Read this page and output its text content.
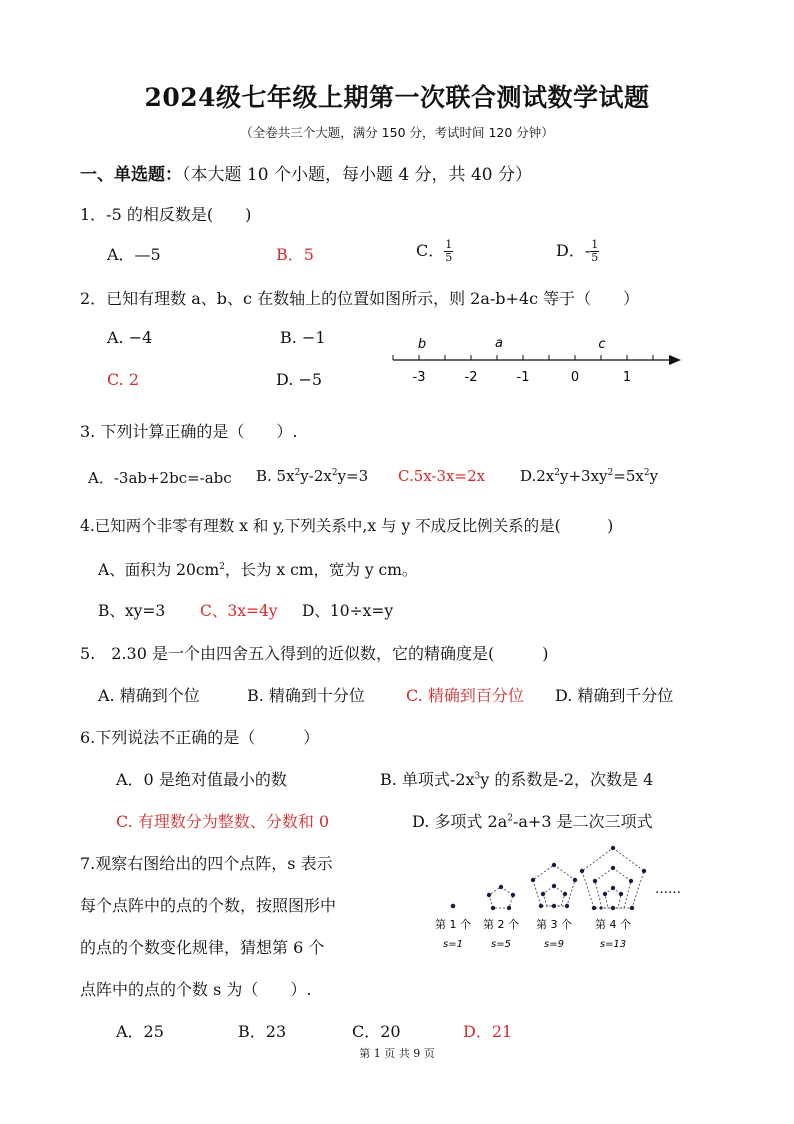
2024级七年级上期第一次联合测试数学试题
（全卷共三个大题，满分 150 分，考试时间 120 分钟）
一、单选题：（本大题 10 个小题，每小题 4 分，共 40 分）
1．-5 的相反数是(　　)
A．—5	B．5	C． $\frac{1}{5}$	D．- $\frac{1}{5}$
2．已知有理数 a、b、c 在数轴上的位置如图所示，则 2a-b+4c 等于（　　）
A. −4	B. −1
C. 2	D. −5
b	a	c
-3	-2	-1	0	1
3. 下列计算正确的是（　　）.
A．-3ab+2bc=-abc B. $5x^2y-2x^2y=3$ C.5x-3x=2x $D.2x^2y+3xy^2=5x^2y$
4.已知两个非零有理数 x 和 y,下列关系中,x 与 y 不成反比例关系的是(　　　)
A、面积为 $20cm^2$，长为 x cm，宽为 y cm。
B、xy=3 C、3x=4y D、10÷x=y
5.　2.30 是一个由四舍五入得到的近似数，它的精确度是(　　　)
A. 精确到个位	B. 精确到十分位	C. 精确到百分位 D. 精确到千分位
6.下列说法不正确的是（　　　）
A．0 是绝对值最小的数	B. 单项式$-2x^3y$ 的系数是-2，次数是 4
C. 有理数分为整数、分数和 0	D. 多项式 $2a^2-a+3$ 是二次三项式
7.观察右图给出的四个点阵，s 表示
每个点阵中的点的个数，按照图形中
的点的个数变化规律，猜想第 6 个
点阵中的点的个数 s 为（　　）.
A．25	B．23	C．20	D．21
……
第 1 个 第 2 个 第 3 个 第 4 个
s=1	s=5	s=9	s=13
第 1 页 共 9 页
